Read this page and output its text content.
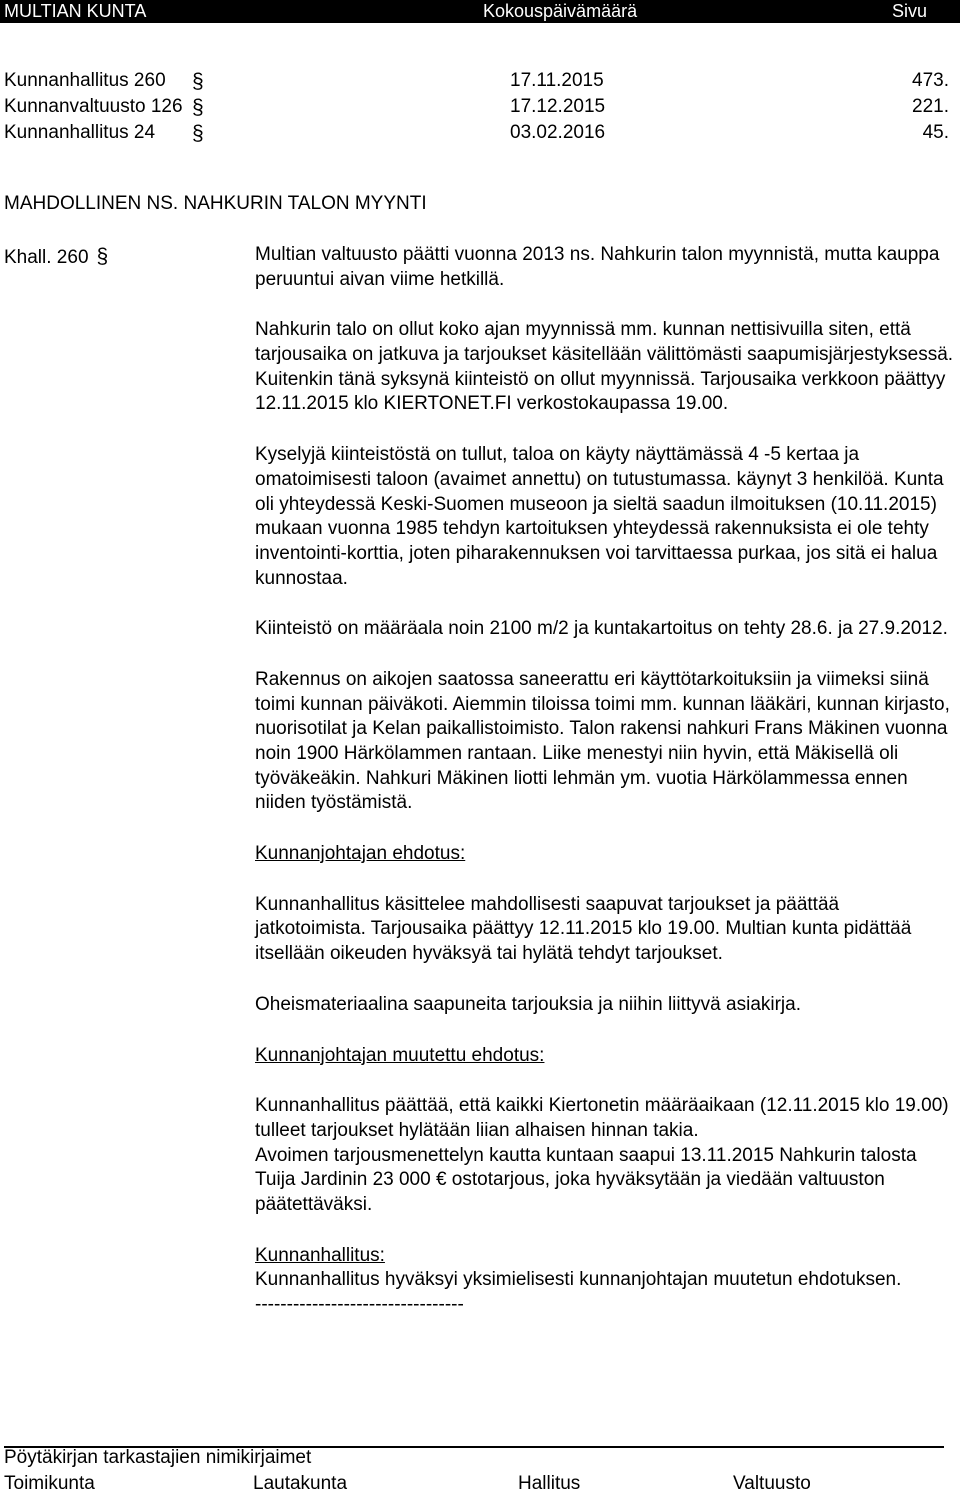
MULTIAN KUNTA	Kokouspäivämäärä	Sivu
Kunnanhallitus 260 §	17.11.2015	473.
Kunnanvaltuusto 126 §	17.12.2015	221.
Kunnanhallitus 24 §	03.02.2016	45.
MAHDOLLINEN NS. NAHKURIN TALON MYYNTI
Khall. 260 §	Multian valtuusto päätti vuonna 2013 ns. Nahkurin talon myynnistä, mutta kauppa peruuntui aivan viime hetkillä.

Nahkurin talo on ollut koko ajan myynnissä mm. kunnan nettisivuilla siten, että tarjousaika on jatkuva ja tarjoukset käsitellään välittömästi saapumisjärjestyksessä. Kuitenkin tänä syksynä kiinteistö on ollut myynnissä. Tarjousaika verkkoon päättyy 12.11.2015 klo KIERTONET.FI verkostokaupassa 19.00.

Kyselyjä kiinteistöstä on tullut, taloa on käyty näyttämässä 4 -5 kertaa ja omatoimisesti taloon (avaimet annettu) on tutustumassa. käynyt 3 henkilöä. Kunta oli yhteydessä Keski-Suomen museoon ja sieltä saadun ilmoituksen (10.11.2015) mukaan vuonna 1985 tehdyn kartoituksen yhteydessä rakennuksista ei ole tehty inventointi-korttia, joten piharakennuksen voi tarvittaessa purkaa, jos sitä ei halua kunnostaa.

Kiinteistö on määräala noin 2100 m/2 ja kuntakartoitus on tehty 28.6. ja 27.9.2012.

Rakennus on aikojen saatossa saneerattu eri käyttötarkoituksiin ja viimeksi siinä toimi kunnan päiväkoti. Aiemmin tiloissa toimi mm. kunnan lääkäri, kunnan kirjasto, nuorisotilat ja Kelan paikallistoimisto. Talon rakensi nahkuri Frans Mäkinen vuonna noin 1900 Härkölammen rantaan. Liike menestyi niin hyvin, että Mäkisellä oli työväkeäkin. Nahkuri Mäkinen liotti lehmän ym. vuotia Härkölammessa ennen niiden työstämistä.

Kunnanjohtajan ehdotus:

Kunnanhallitus käsittelee mahdollisesti saapuvat tarjoukset ja päättää jatkotoimista. Tarjousaika päättyy 12.11.2015 klo 19.00. Multian kunta pidättää itsellään oikeuden hyväksyä tai hylätä tehdyt tarjoukset.

Oheismateriaalina saapuneita tarjouksia ja niihin liittyvä asiakirja.

Kunnanjohtajan muutettu ehdotus:

Kunnanhallitus päättää, että kaikki Kiertonetin määräaikaan (12.11.2015 klo 19.00) tulleet tarjoukset hylätään liian alhaisen hinnan takia.

Avoimen tarjousmenettelyn kautta kuntaan saapui 13.11.2015 Nahkurin talosta Tuija Jardinin 23 000 € ostotarjous, joka hyväksytään ja viedään valtuuston päätettäväksi.

Kunnanhallitus:

Kunnanhallitus hyväksyi yksimielisesti kunnanjohtajan muutetun ehdotuksen.

---------------------------------

Pöytäkirjan tarkastajien nimikirjaimet
Toimikunta	Lautakunta	Hallitus	Valtuusto
